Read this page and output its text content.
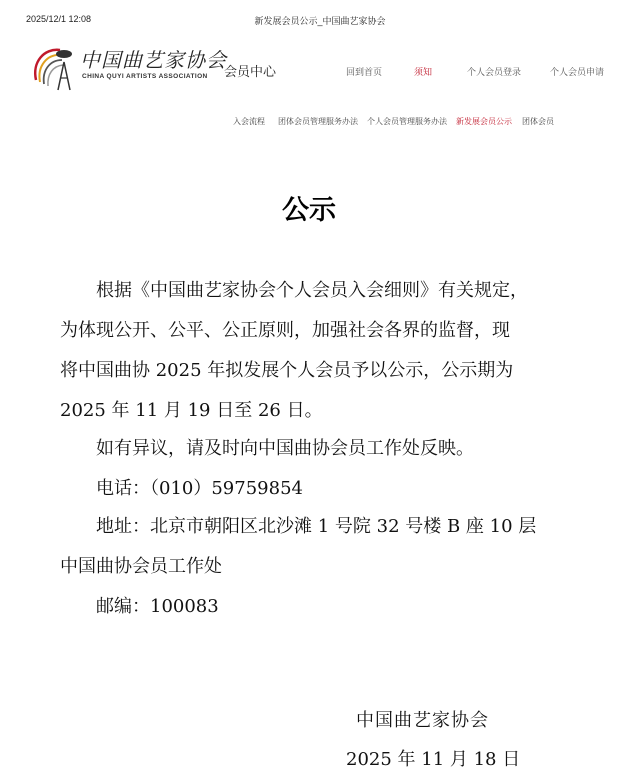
2025/12/1 12:08	新发展会员公示_中国曲艺家协会
中国曲艺家协会
CHINA QUYI ARTISTS ASSOCIATION 会员中心	回到首页	须知	个人会员登录	个人会员申请
入会流程 团体会员管理服务办法 个人会员管理服务办法 新发展会员公示 团体会员
公示
　　根据《中国曲艺家协会个人会员入会细则》有关规定，
为体现公开、公平、公正原则，加强社会各界的监督，现
将中国曲协 2025 年拟发展个人会员予以公示，公示期为
2025 年 11 月 19 日至 26 日。
　　如有异议，请及时向中国曲协会员工作处反映。
　　电话：（010）59759854
　　地址：北京市朝阳区北沙滩 1 号院 32 号楼 B 座 10 层
中国曲协会员工作处
　　邮编：100083
中国曲艺家协会
2025 年 11 月 18 日
